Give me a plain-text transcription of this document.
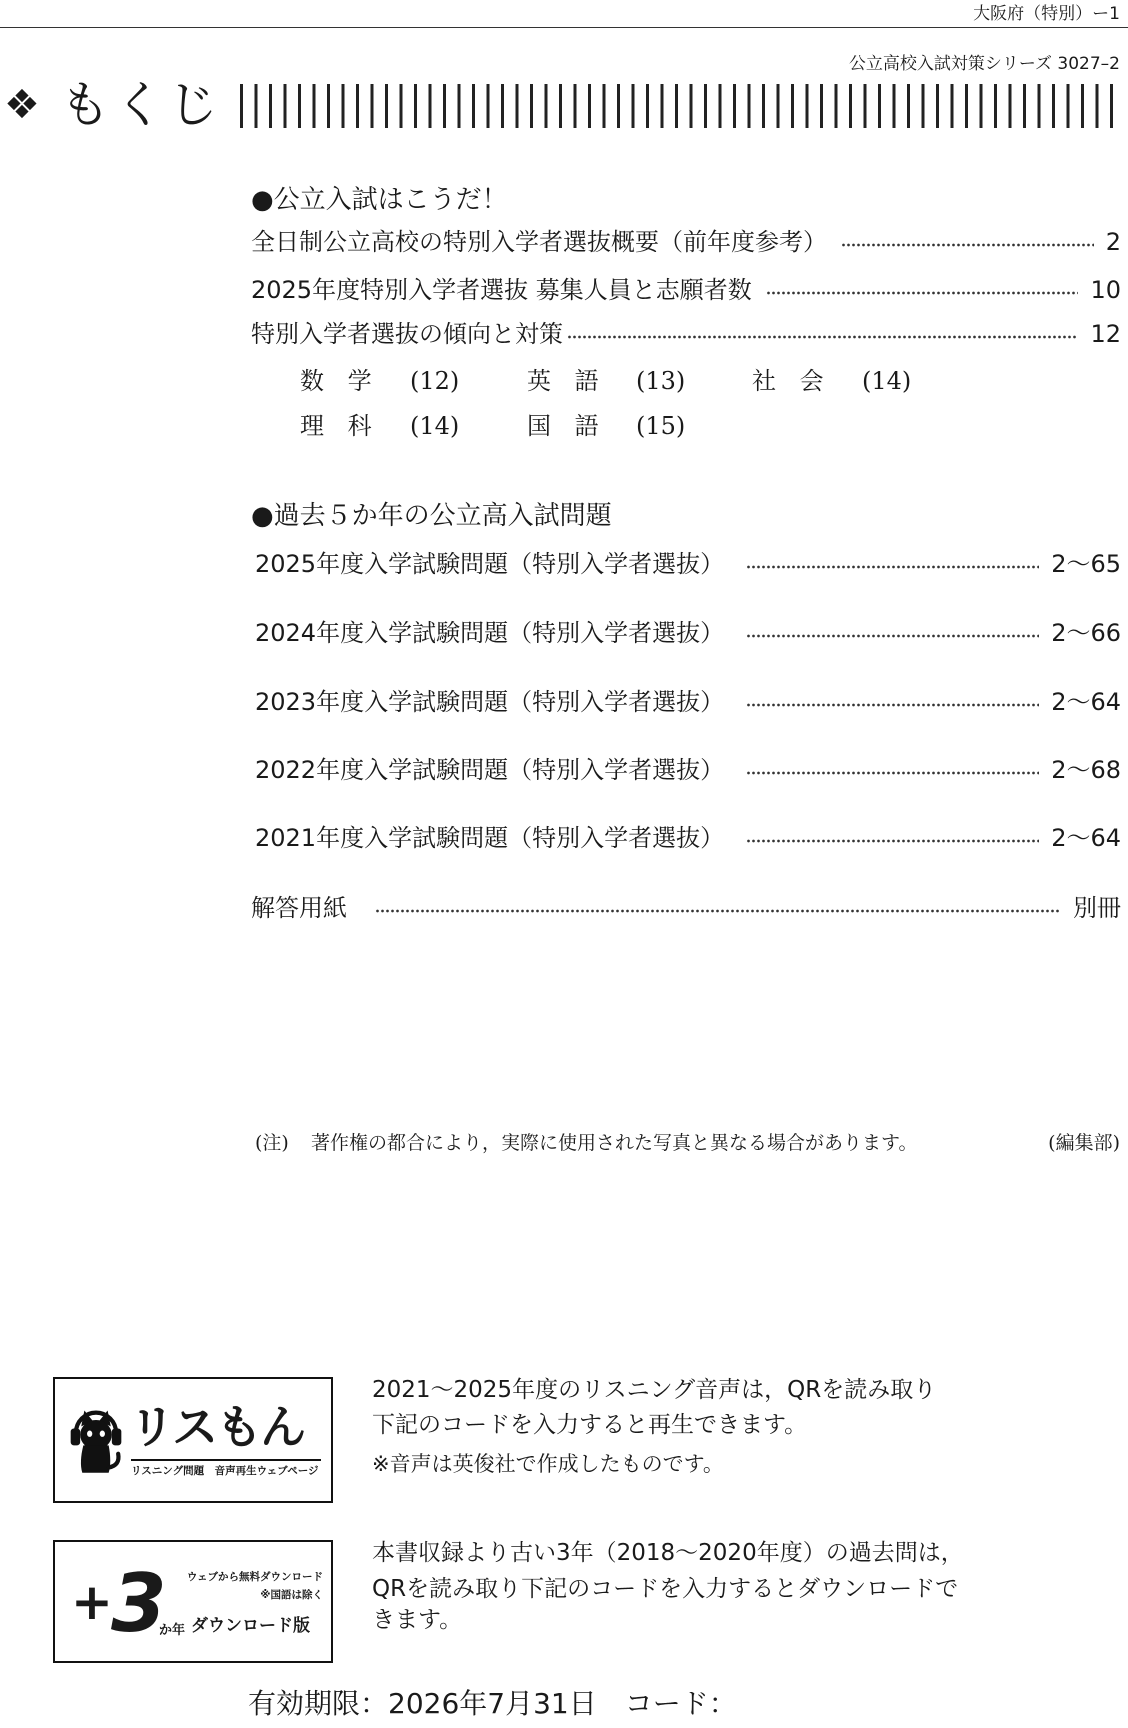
大阪府（特別）ー1
公立高校入試対策シリーズ 3027–2
❖ もくじ
●公立入試はこうだ！
全日制公立高校の特別入学者選抜概要（前年度参考）	2
2025年度特別入学者選抜 募集人員と志願者数	10
特別入学者選抜の傾向と対策	12
数 学 (12)	英 語 (13)	社 会 (14)
理 科 (14)	国 語 (15)
●過去５か年の公立高入試問題
2025年度入学試験問題（特別入学者選抜）	2〜65
2024年度入学試験問題（特別入学者選抜）	2〜66
2023年度入学試験問題（特別入学者選抜）	2〜64
2022年度入学試験問題（特別入学者選抜）	2〜68
2021年度入学試験問題（特別入学者選抜）	2〜64
解答用紙	別冊
(注) 著作権の都合により，実際に使用された写真と異なる場合があります。	(編集部)
リスもん
リスニング問題　音声再生ウェブページ
2021〜2025年度のリスニング音声は，QRを読み取り
下記のコードを入力すると再生できます。
※音声は英俊社で作成したものです。
ウェブから無料ダウンロード
※国語は除く
+
3
か年 ダウンロード版
本書収録より古い3年（2018〜2020年度）の過去問は，
QRを読み取り下記のコードを入力するとダウンロードで
きます。
有効期限：2026年7月31日　コード：
